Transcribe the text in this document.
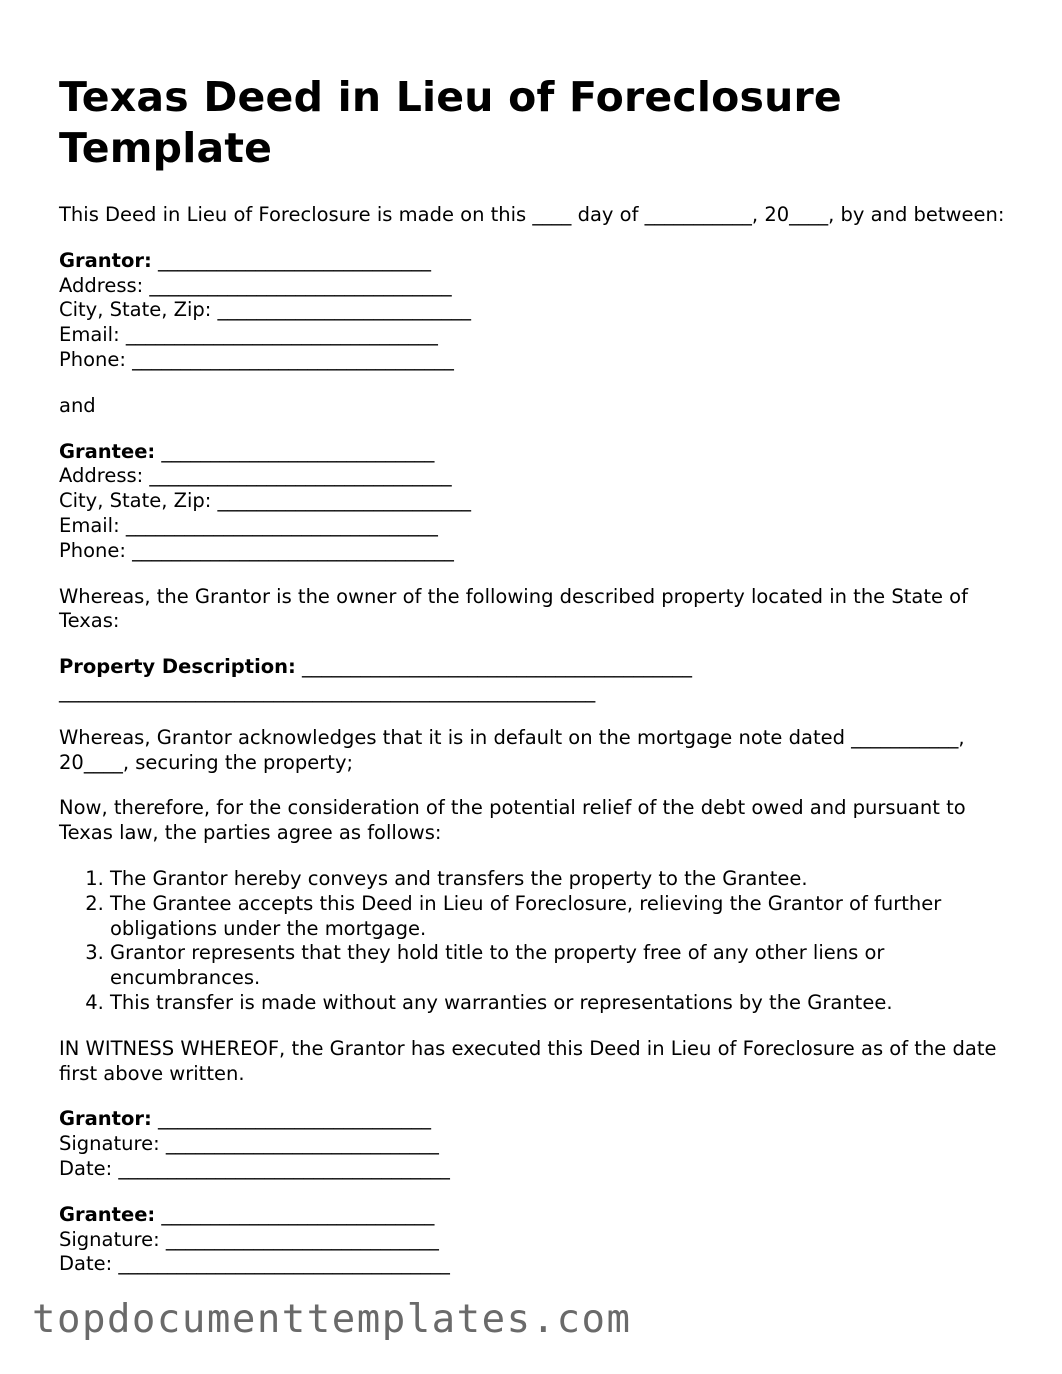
Texas Deed in Lieu of Foreclosure Template

This Deed in Lieu of Foreclosure is made on this ____ day of ___________, 20____, by and between:

Grantor: ____________________________
Address: _______________________________
City, State, Zip: __________________________
Email: ________________________________
Phone: _________________________________

and

Grantee: ____________________________
Address: _______________________________
City, State, Zip: __________________________
Email: ________________________________
Phone: _________________________________

Whereas, the Grantor is the owner of the following described property located in the State of Texas:

Property Description: ________________________________________
_______________________________________________________

Whereas, Grantor acknowledges that it is in default on the mortgage note dated ___________, 20____, securing the property;

Now, therefore, for the consideration of the potential relief of the debt owed and pursuant to Texas law, the parties agree as follows:

1. The Grantor hereby conveys and transfers the property to the Grantee.
2. The Grantee accepts this Deed in Lieu of Foreclosure, relieving the Grantor of further obligations under the mortgage.
3. Grantor represents that they hold title to the property free of any other liens or encumbrances.
4. This transfer is made without any warranties or representations by the Grantee.

IN WITNESS WHEREOF, the Grantor has executed this Deed in Lieu of Foreclosure as of the date first above written.

Grantor: ____________________________
Signature: ____________________________
Date: __________________________________
Grantee: ____________________________
Signature: ____________________________
Date: __________________________________
topdocumenttemplates.com
